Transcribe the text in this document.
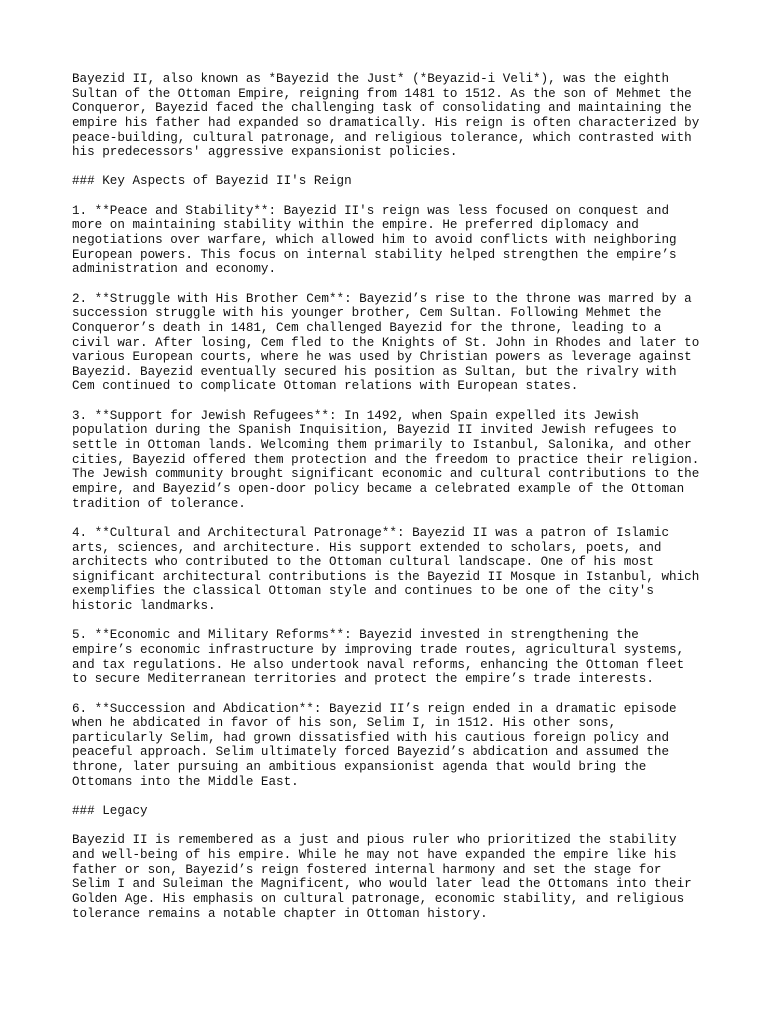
Bayezid II, also known as *Bayezid the Just* (*Beyazid-i Veli*), was the eighth
Sultan of the Ottoman Empire, reigning from 1481 to 1512. As the son of Mehmet the
Conqueror, Bayezid faced the challenging task of consolidating and maintaining the
empire his father had expanded so dramatically. His reign is often characterized by
peace-building, cultural patronage, and religious tolerance, which contrasted with
his predecessors' aggressive expansionist policies.
### Key Aspects of Bayezid II's Reign
1. **Peace and Stability**: Bayezid II's reign was less focused on conquest and
more on maintaining stability within the empire. He preferred diplomacy and
negotiations over warfare, which allowed him to avoid conflicts with neighboring
European powers. This focus on internal stability helped strengthen the empire’s
administration and economy.
2. **Struggle with His Brother Cem**: Bayezid’s rise to the throne was marred by a
succession struggle with his younger brother, Cem Sultan. Following Mehmet the
Conqueror’s death in 1481, Cem challenged Bayezid for the throne, leading to a
civil war. After losing, Cem fled to the Knights of St. John in Rhodes and later to
various European courts, where he was used by Christian powers as leverage against
Bayezid. Bayezid eventually secured his position as Sultan, but the rivalry with
Cem continued to complicate Ottoman relations with European states.
3. **Support for Jewish Refugees**: In 1492, when Spain expelled its Jewish
population during the Spanish Inquisition, Bayezid II invited Jewish refugees to
settle in Ottoman lands. Welcoming them primarily to Istanbul, Salonika, and other
cities, Bayezid offered them protection and the freedom to practice their religion.
The Jewish community brought significant economic and cultural contributions to the
empire, and Bayezid’s open-door policy became a celebrated example of the Ottoman
tradition of tolerance.
4. **Cultural and Architectural Patronage**: Bayezid II was a patron of Islamic
arts, sciences, and architecture. His support extended to scholars, poets, and
architects who contributed to the Ottoman cultural landscape. One of his most
significant architectural contributions is the Bayezid II Mosque in Istanbul, which
exemplifies the classical Ottoman style and continues to be one of the city's
historic landmarks.
5. **Economic and Military Reforms**: Bayezid invested in strengthening the
empire’s economic infrastructure by improving trade routes, agricultural systems,
and tax regulations. He also undertook naval reforms, enhancing the Ottoman fleet
to secure Mediterranean territories and protect the empire’s trade interests.
6. **Succession and Abdication**: Bayezid II’s reign ended in a dramatic episode
when he abdicated in favor of his son, Selim I, in 1512. His other sons,
particularly Selim, had grown dissatisfied with his cautious foreign policy and
peaceful approach. Selim ultimately forced Bayezid’s abdication and assumed the
throne, later pursuing an ambitious expansionist agenda that would bring the
Ottomans into the Middle East.
### Legacy
Bayezid II is remembered as a just and pious ruler who prioritized the stability
and well-being of his empire. While he may not have expanded the empire like his
father or son, Bayezid’s reign fostered internal harmony and set the stage for
Selim I and Suleiman the Magnificent, who would later lead the Ottomans into their
Golden Age. His emphasis on cultural patronage, economic stability, and religious
tolerance remains a notable chapter in Ottoman history.
